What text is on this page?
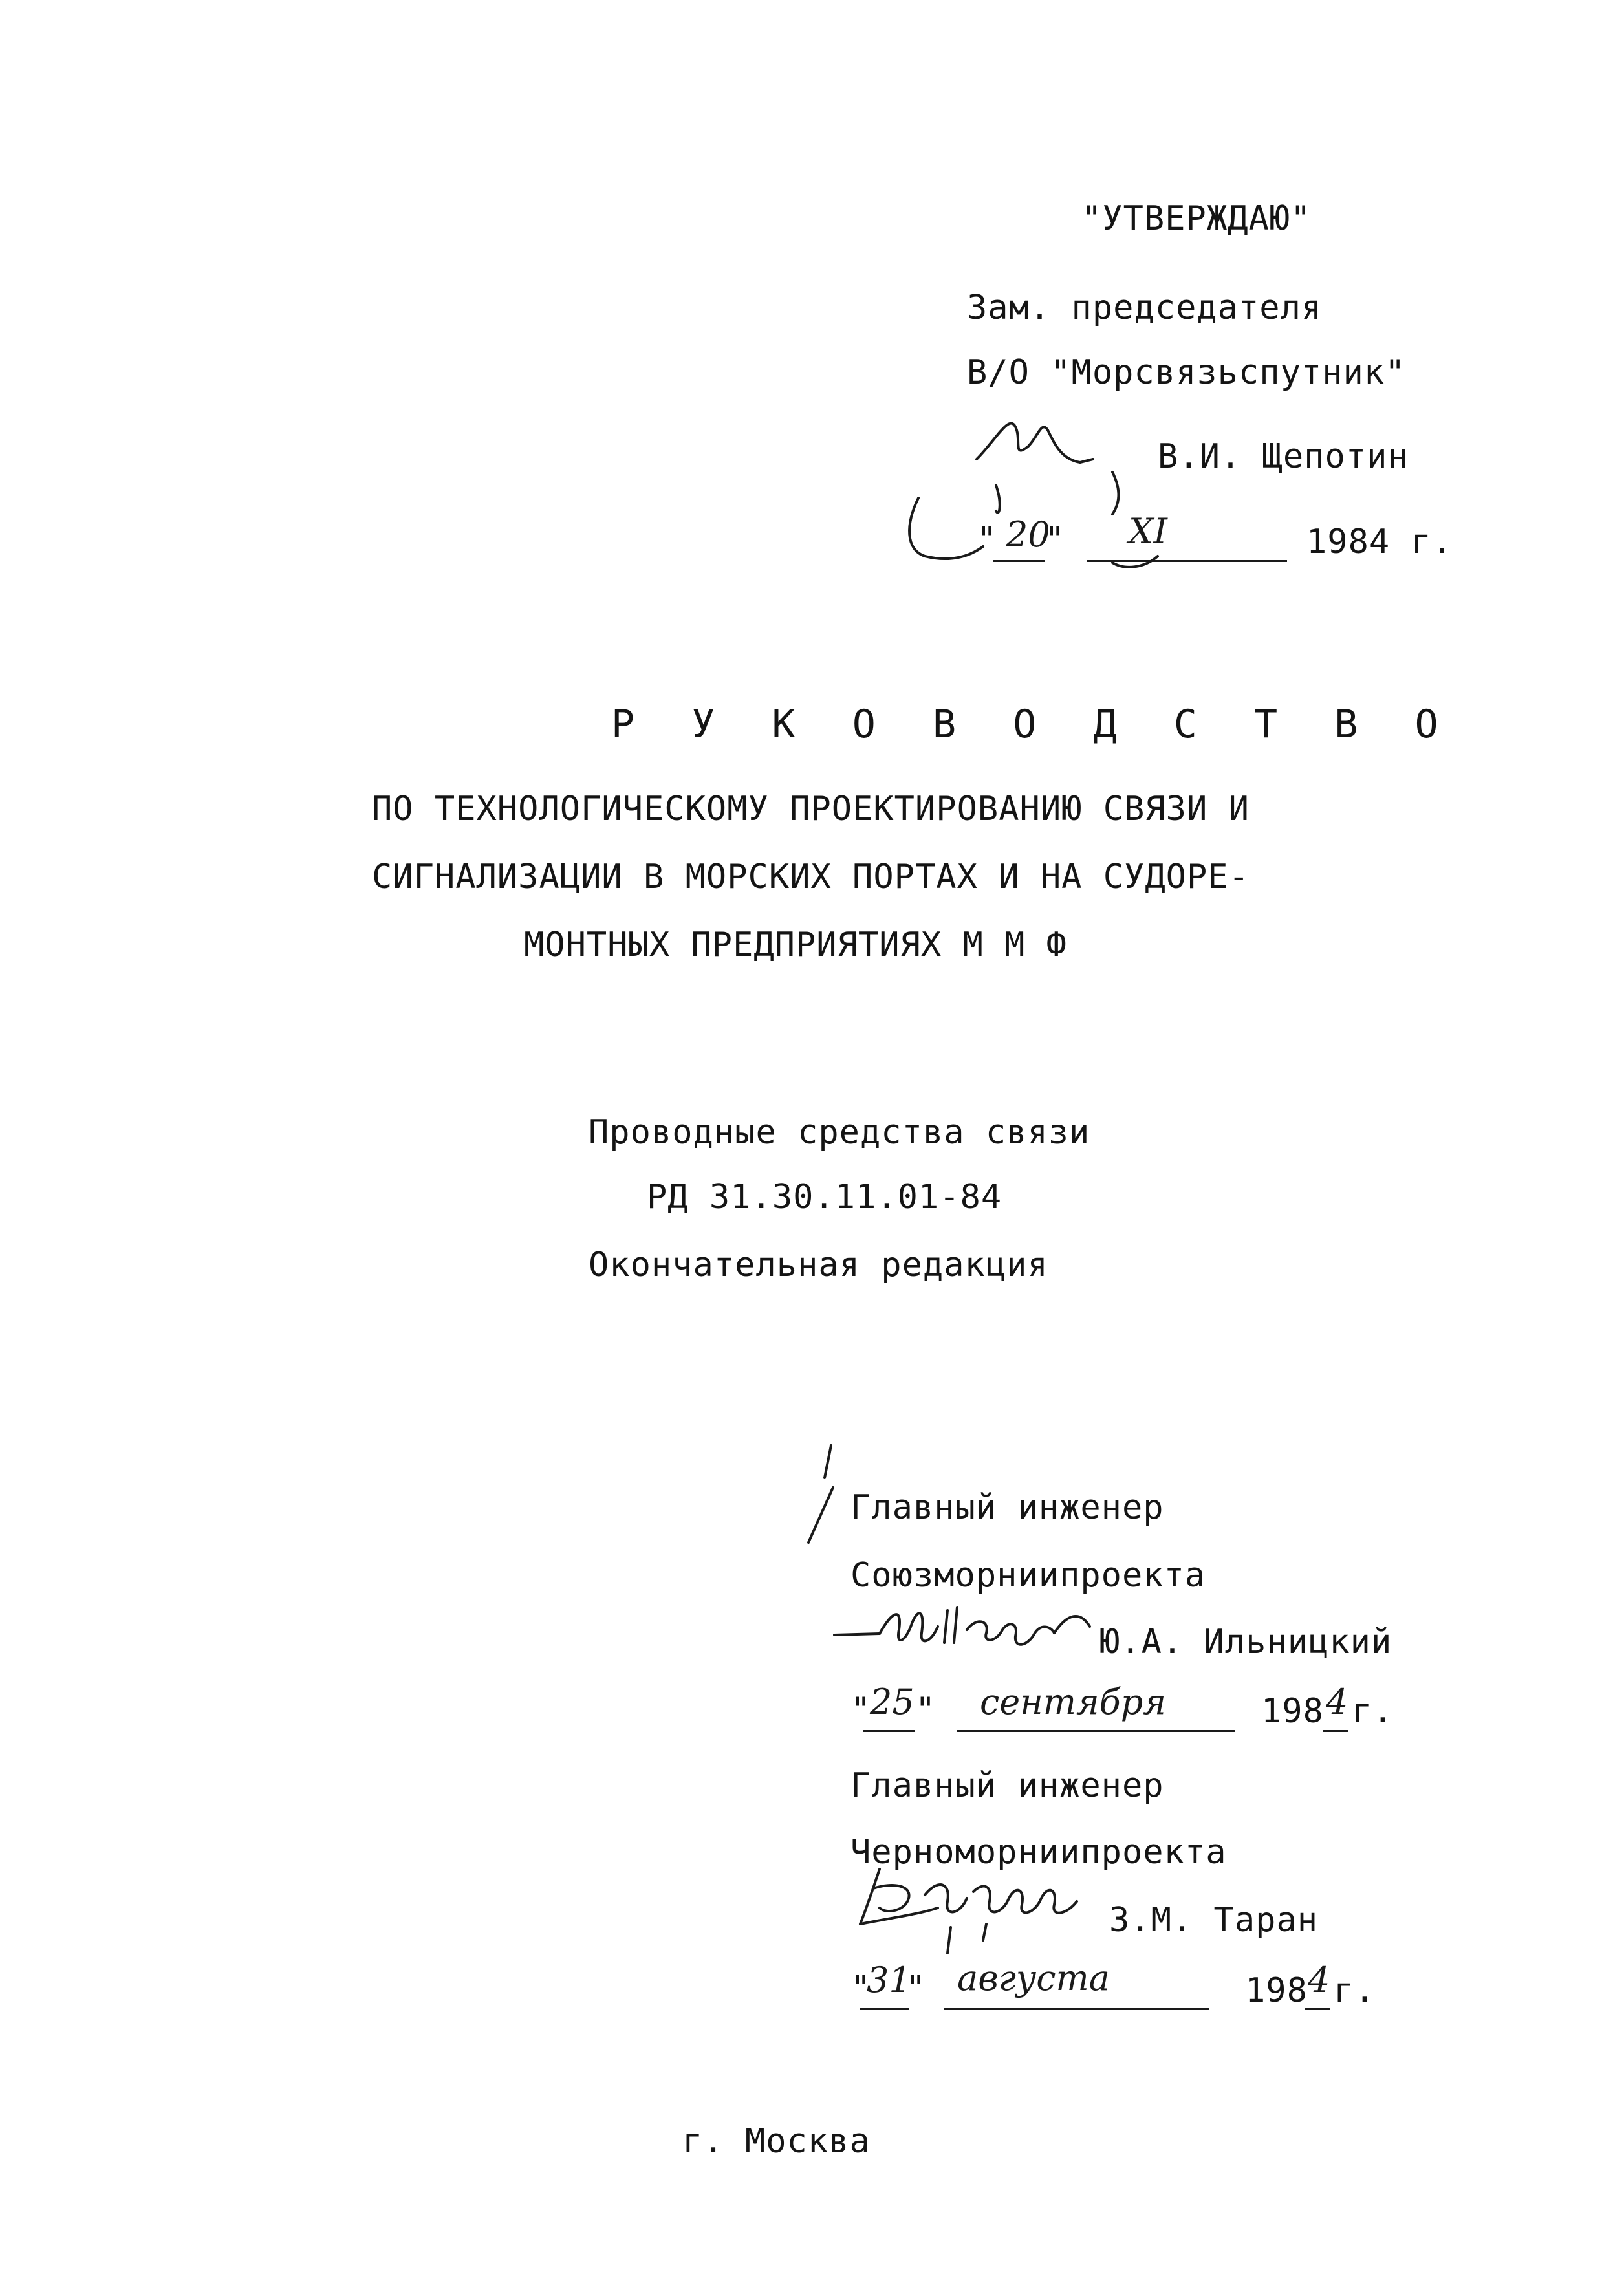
"УТВЕРЖДАЮ"
Зам. председателя
В/О "Морсвязьспутник"
В.И. Щепотин
" 20
" XI	1984 г.
Р У К О В О Д С Т В О
ПО ТЕХНОЛОГИЧЕСКОМУ ПРОЕКТИРОВАНИЮ СВЯЗИ И
СИГНАЛИЗАЦИИ В МОРСКИХ ПОРТАХ И НА СУДОРЕ-
МОНТНЫХ ПРЕДПРИЯТИЯХ М М Ф
Проводные средства связи
РД 31.30.11.01-84
Окончательная редакция
Главный инженер
Союзморниипроекта
Ю.А. Ильницкий
"
25 " сентября	198 4 г.
Главный инженер
Черноморниипроекта
З.М. Таран
"
31
" августа	198 4 г.
г. Москва
